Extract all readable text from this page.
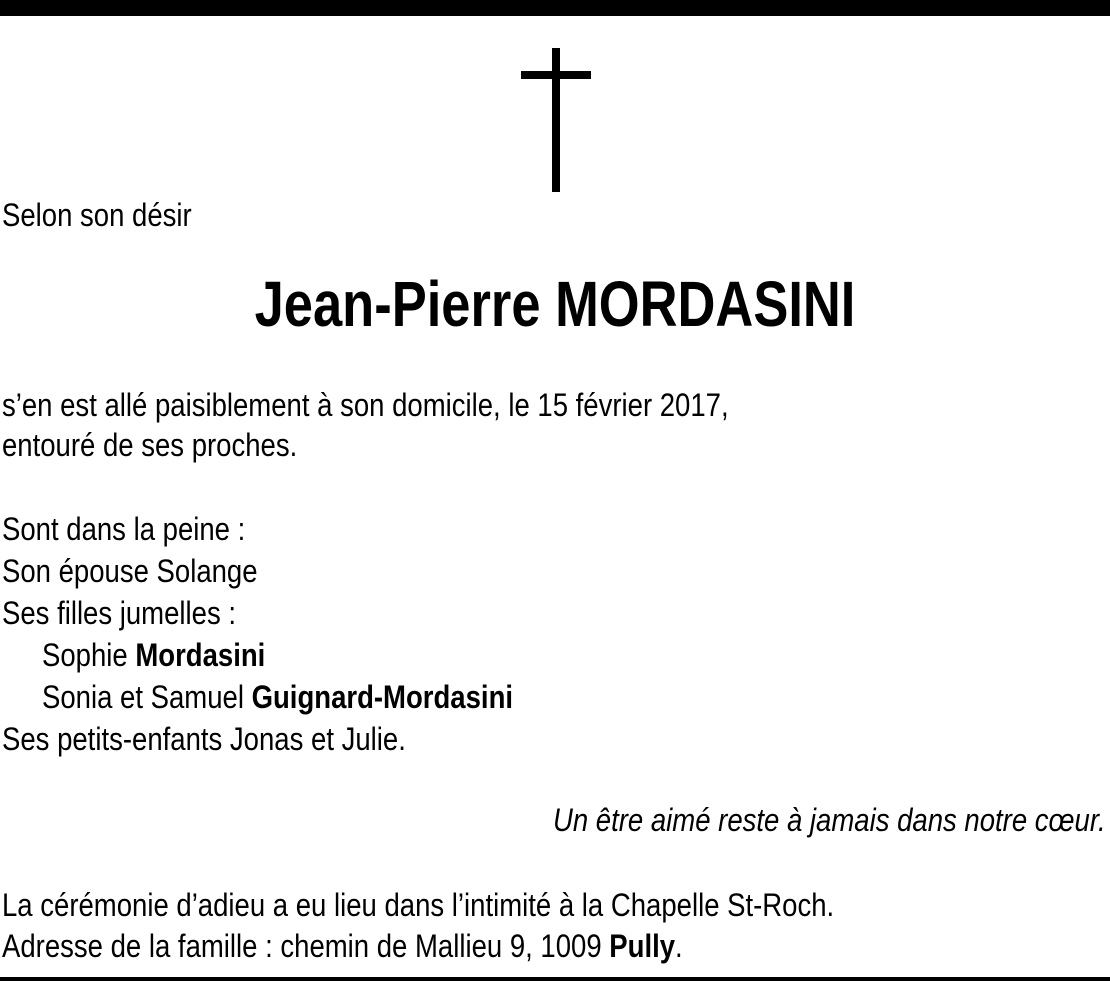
Selon son désir
Jean-Pierre MORDASINI
s’en est allé paisiblement à son domicile, le 15 février 2017,
entouré de ses proches.
Sont dans la peine :
Son épouse Solange
Ses filles jumelles :
Sophie Mordasini
Sonia et Samuel Guignard-Mordasini
Ses petits-enfants Jonas et Julie.
Un être aimé reste à jamais dans notre cœur.
La cérémonie d’adieu a eu lieu dans l’intimité à la Chapelle St-Roch.
Adresse de la famille : chemin de Mallieu 9, 1009 Pully.
